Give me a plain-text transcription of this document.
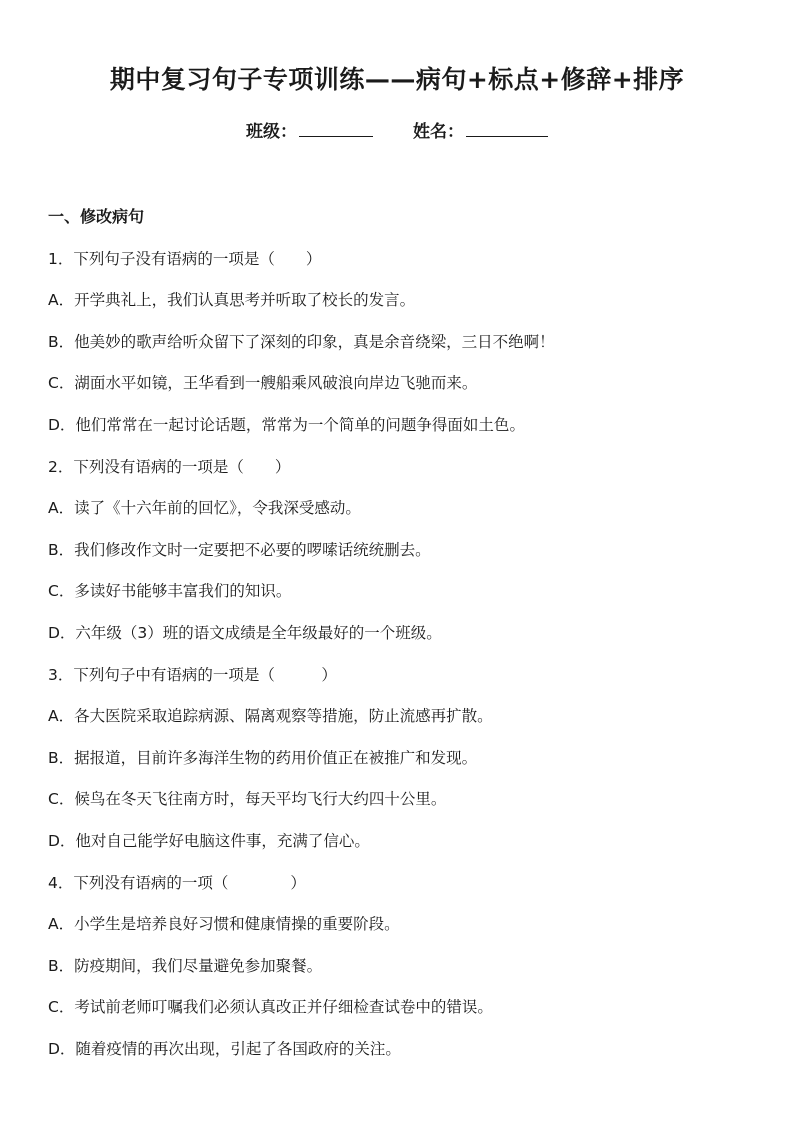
期中复习句子专项训练——病句+标点+修辞+排序
班级：	姓名：
一、修改病句
1．下列句子没有语病的一项是（　　）
A．开学典礼上，我们认真思考并听取了校长的发言。
B．他美妙的歌声给听众留下了深刻的印象，真是余音绕梁，三日不绝啊！
C．湖面水平如镜，王华看到一艘船乘风破浪向岸边飞驰而来。
D．他们常常在一起讨论话题，常常为一个简单的问题争得面如土色。
2．下列没有语病的一项是（　　）
A．读了《十六年前的回忆》，令我深受感动。
B．我们修改作文时一定要把不必要的啰嗦话统统删去。
C．多读好书能够丰富我们的知识。
D．六年级（3）班的语文成绩是全年级最好的一个班级。
3．下列句子中有语病的一项是（　　　）
A．各大医院采取追踪病源、隔离观察等措施，防止流感再扩散。
B．据报道，目前许多海洋生物的药用价值正在被推广和发现。
C．候鸟在冬天飞往南方时，每天平均飞行大约四十公里。
D．他对自己能学好电脑这件事，充满了信心。
4．下列没有语病的一项（　　　　）
A．小学生是培养良好习惯和健康情操的重要阶段。
B．防疫期间，我们尽量避免参加聚餐。
C．考试前老师叮嘱我们必须认真改正并仔细检查试卷中的错误。
D．随着疫情的再次出现，引起了各国政府的关注。
